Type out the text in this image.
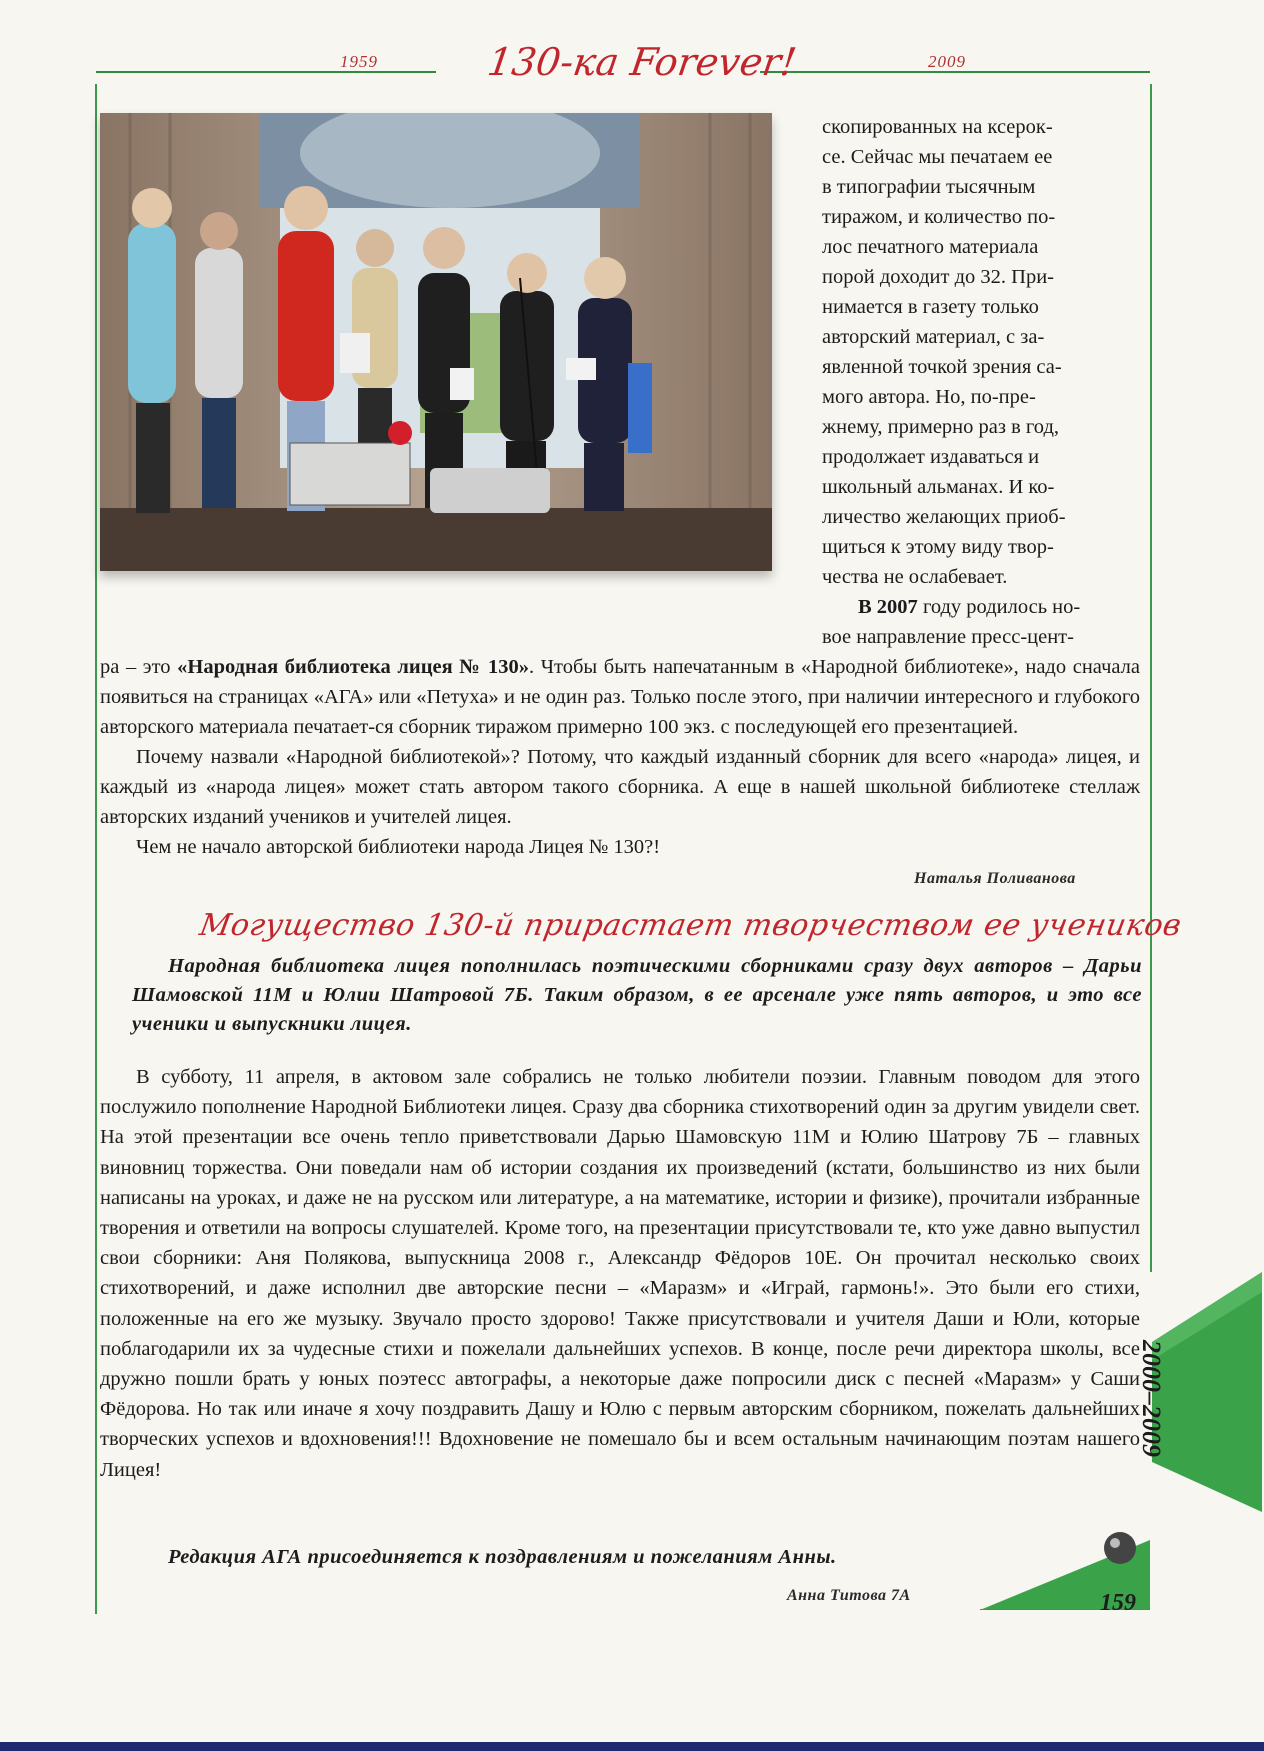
1959	130-ка Forever!	2009
скопированных на ксерок-
се. Сейчас мы печатаем ее
в типографии тысячным
тиражом, и количество по-
лос печатного материала
порой доходит до 32. При-
нимается в газету только
авторский материал, с за-
явленной точкой зрения са-
мого автора. Но, по-пре-
жнему, примерно раз в год,
продолжает издаваться и
школьный альманах. И ко-
личество желающих приоб-
щиться к этому виду твор-
чества не ослабевает.
В 2007 году родилось но-
вое направление пресс-цент-

ра – это «Народная библиотека лицея № 130». Чтобы быть напечатанным в «Народной библиотеке», надо сначала появиться на страницах «АГА» или «Петуха» и не один раз. Только после этого, при наличии интересного и глубокого авторского материала печатает-ся сборник тиражом примерно 100 экз. с последующей его презентацией.

Почему назвали «Народной библиотекой»? Потому, что каждый изданный сборник для всего «народа» лицея, и каждый из «народа лицея» может стать автором такого сборника. А еще в нашей школьной библиотеке стеллаж авторских изданий учеников и учителей лицея.

Чем не начало авторской библиотеки народа Лицея № 130?!

Наталья Поливанова
Могущество 130-й прирастает творчеством ее учеников

Народная библиотека лицея пополнилась поэтическими сборниками сразу двух авторов – Дарьи Шамовской 11М и Юлии Шатровой 7Б. Таким образом, в ее арсенале уже пять авторов, и это все ученики и выпускники лицея.

В субботу, 11 апреля, в актовом зале собрались не только любители поэзии. Главным поводом для этого послужило пополнение Народной Библиотеки лицея. Сразу два сборника стихотворений один за другим увидели свет. На этой презентации все очень тепло приветствовали Дарью Шамовскую 11М и Юлию Шатрову 7Б – главных виновниц торжества. Они поведали нам об истории создания их произведений (кстати, большинство из них были написаны на уроках, и даже не на русском или литературе, а на математике, истории и физике), прочитали избранные творения и ответили на вопросы слушателей. Кроме того, на презентации присутствовали те, кто уже давно выпустил свои сборники: Аня Полякова, выпускница 2008 г., Александр Фёдоров 10Е. Он прочитал несколько своих стихотворений, и даже исполнил две авторские песни – «Маразм» и «Играй, гармонь!». Это были его стихи, положенные на его же музыку. Звучало просто здорово! Также присутствовали и учителя Даши и Юли, которые поблагодарили их за чудесные стихи и пожелали дальнейших успехов. В конце, после речи директора школы, все дружно пошли брать у юных поэтесс автографы, а некоторые даже попросили диск с песней «Маразм» у Саши Фёдорова. Но так или иначе я хочу поздравить Дашу и Юлю с первым авторским сборником, пожелать дальнейших творческих успехов и вдохновения!!! Вдохновение не помешало бы и всем остальным начинающим поэтам нашего Лицея!

Редакция АГА присоединяется к поздравлениям и пожеланиям Анны.

Анна Титова 7А
2000–2009
159
